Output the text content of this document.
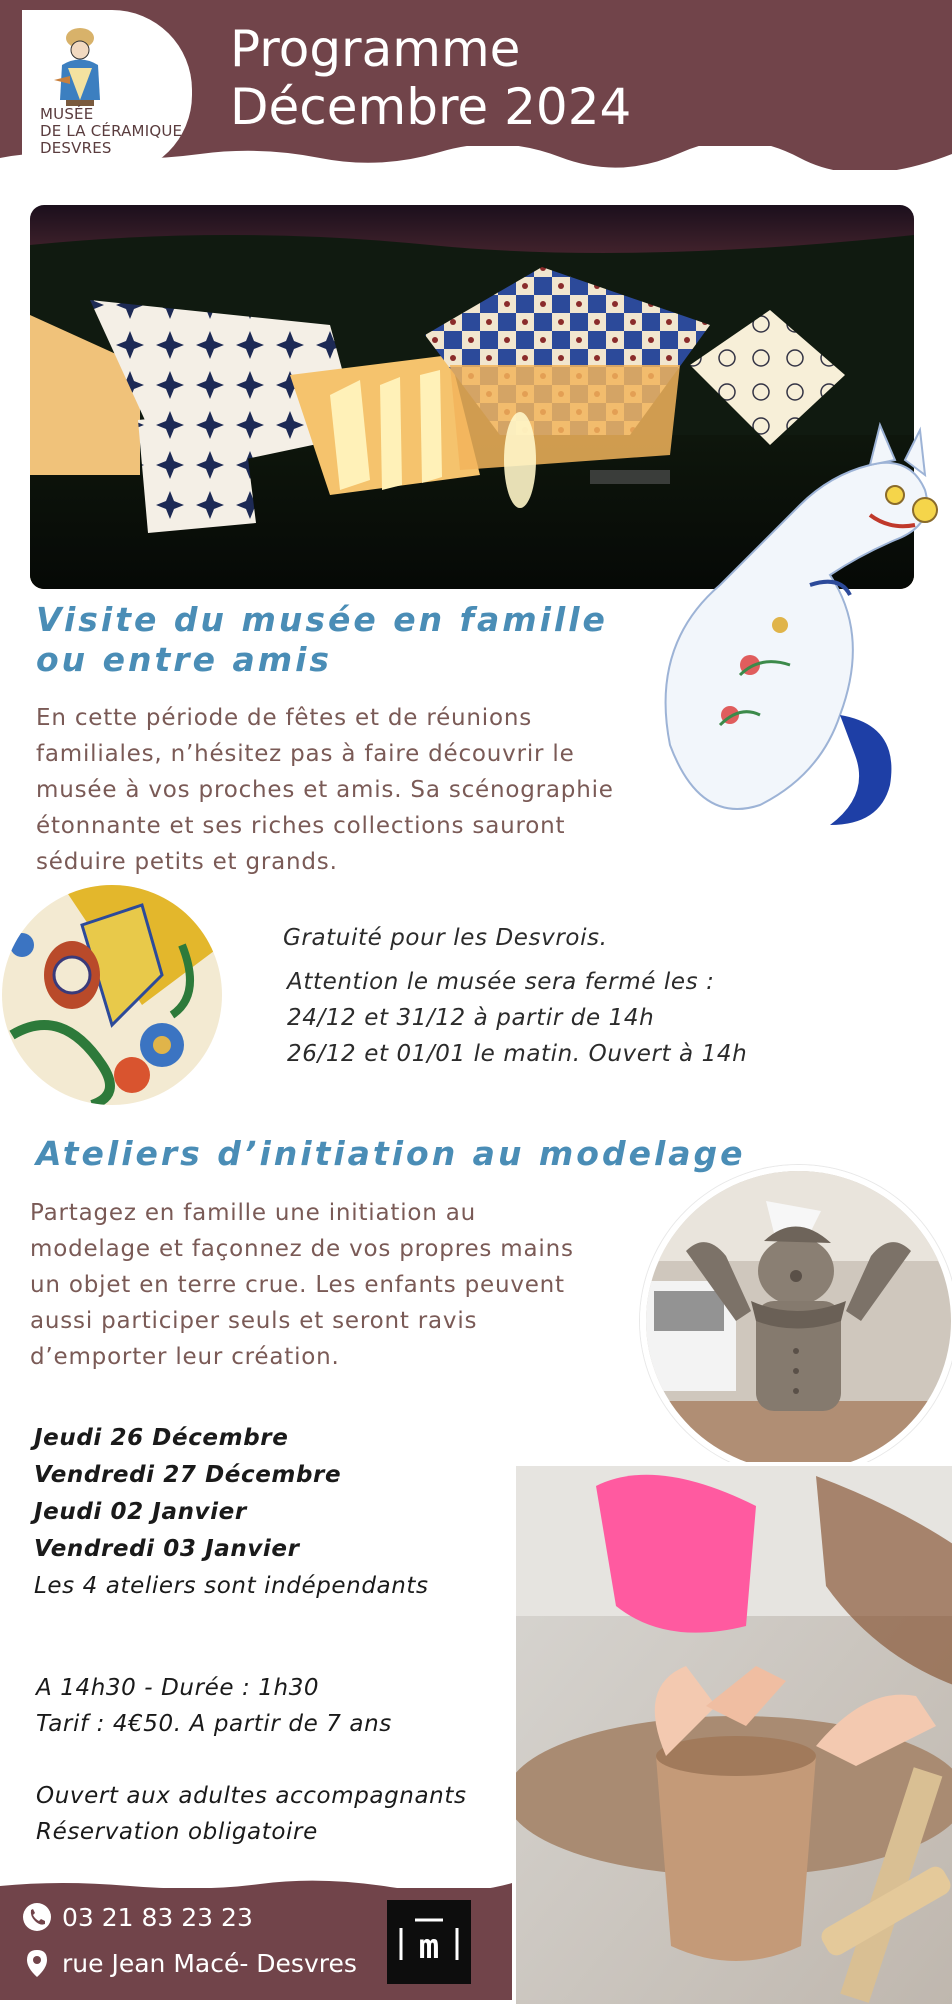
MUSÉE
DE LA CÉRAMIQUE
DESVRES
Programme
Décembre 2024
Visite du musée en famille
ou entre amis
En cette période de fêtes et de réunions
familiales, n’hésitez pas à faire découvrir le
musée à vos proches et amis. Sa scénographie
étonnante et ses riches collections sauront
séduire petits et grands.
Gratuité pour les Desvrois.
Attention le musée sera fermé les :
24/12 et 31/12 à partir de 14h
26/12 et 01/01 le matin. Ouvert à 14h
Ateliers d’initiation au modelage
Partagez en famille une initiation au
modelage et façonnez de vos propres mains
un objet en terre crue. Les enfants peuvent
aussi participer seuls et seront ravis
d’emporter leur création.
Jeudi 26 Décembre
Vendredi 27 Décembre
Jeudi 02 Janvier
Vendredi 03 Janvier
Les 4 ateliers sont indépendants
A 14h30 - Durée : 1h30
Tarif : 4€50. A partir de 7 ans

Ouvert aux adultes accompagnants
Réservation obligatoire
03 21 83 23 23
rue Jean Macé- Desvres m
